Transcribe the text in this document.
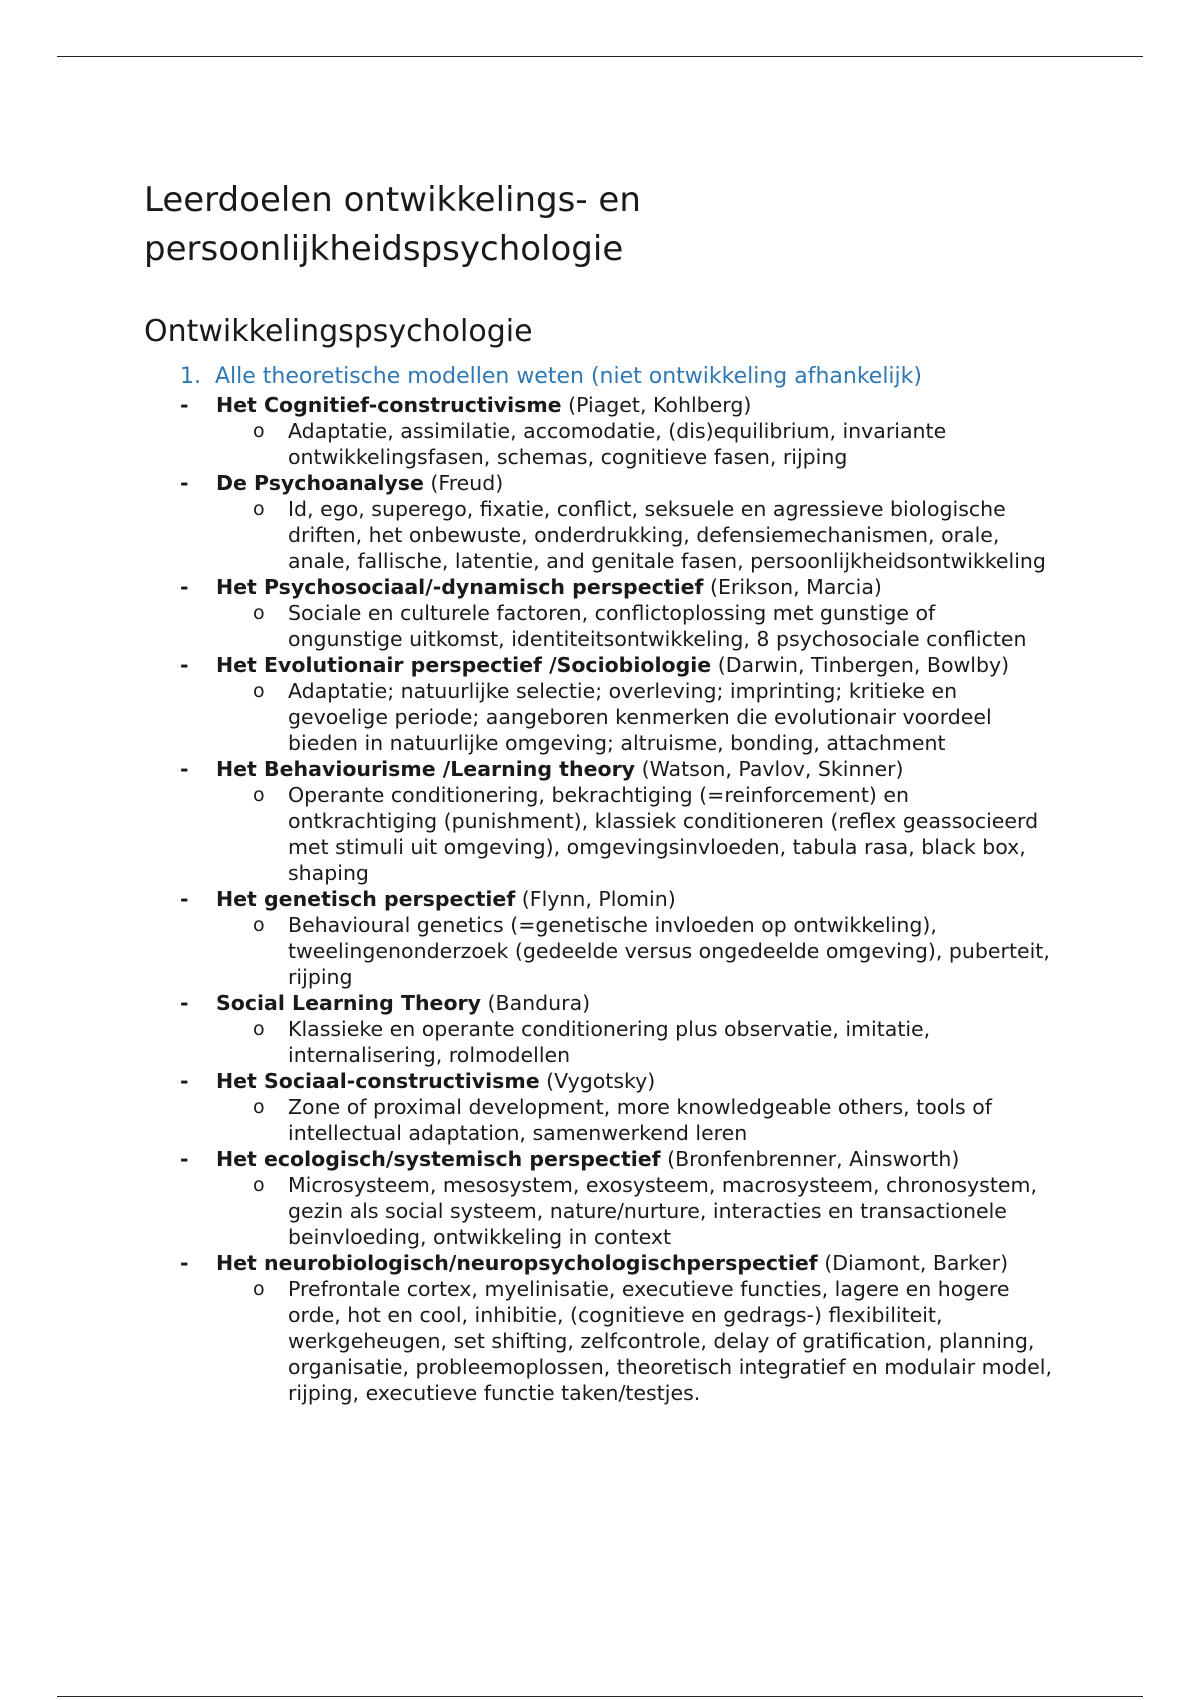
Leerdoelen ontwikkelings- en persoonlijkheidspsychologie
Ontwikkelingspsychologie
1. Alle theoretische modellen weten (niet ontwikkeling afhankelijk)
- Het Cognitief-constructivisme (Piaget, Kohlberg)
o Adaptatie, assimilatie, accomodatie, (dis)equilibrium, invariante ontwikkelingsfasen, schemas, cognitieve fasen, rijping
- De Psychoanalyse (Freud)
o Id, ego, superego, fixatie, conflict, seksuele en agressieve biologische driften, het onbewuste, onderdrukking, defensiemechanismen, orale, anale, fallische, latentie, and genitale fasen, persoonlijkheidsontwikkeling
- Het Psychosociaal/-dynamisch perspectief (Erikson, Marcia)
o Sociale en culturele factoren, conflictoplossing met gunstige of ongunstige uitkomst, identiteitsontwikkeling, 8 psychosociale conflicten
- Het Evolutionair perspectief /Sociobiologie (Darwin, Tinbergen, Bowlby)
o Adaptatie; natuurlijke selectie; overleving; imprinting; kritieke en gevoelige periode; aangeboren kenmerken die evolutionair voordeel bieden in natuurlijke omgeving; altruisme, bonding, attachment
- Het Behaviourisme /Learning theory (Watson, Pavlov, Skinner)
o Operante conditionering, bekrachtiging (=reinforcement) en ontkrachtiging (punishment), klassiek conditioneren (reflex geassocieerd met stimuli uit omgeving), omgevingsinvloeden, tabula rasa, black box, shaping
- Het genetisch perspectief (Flynn, Plomin)
o Behavioural genetics (=genetische invloeden op ontwikkeling), tweelingenonderzoek (gedeelde versus ongedeelde omgeving), puberteit, rijping
- Social Learning Theory (Bandura)
o Klassieke en operante conditionering plus observatie, imitatie, internalisering, rolmodellen
- Het Sociaal-constructivisme (Vygotsky)
o Zone of proximal development, more knowledgeable others, tools of intellectual adaptation, samenwerkend leren
- Het ecologisch/systemisch perspectief (Bronfenbrenner, Ainsworth)
o Microsysteem, mesosystem, exosysteem, macrosysteem, chronosystem, gezin als social systeem, nature/nurture, interacties en transactionele beinvloeding, ontwikkeling in context
- Het neurobiologisch/neuropsychologischperspectief (Diamont, Barker)
o Prefrontale cortex, myelinisatie, executieve functies, lagere en hogere orde, hot en cool, inhibitie, (cognitieve en gedrags-) flexibiliteit, werkgeheugen, set shifting, zelfcontrole, delay of gratification, planning, organisatie, probleemoplossen, theoretisch integratief en modulair model, rijping, executieve functie taken/testjes.
